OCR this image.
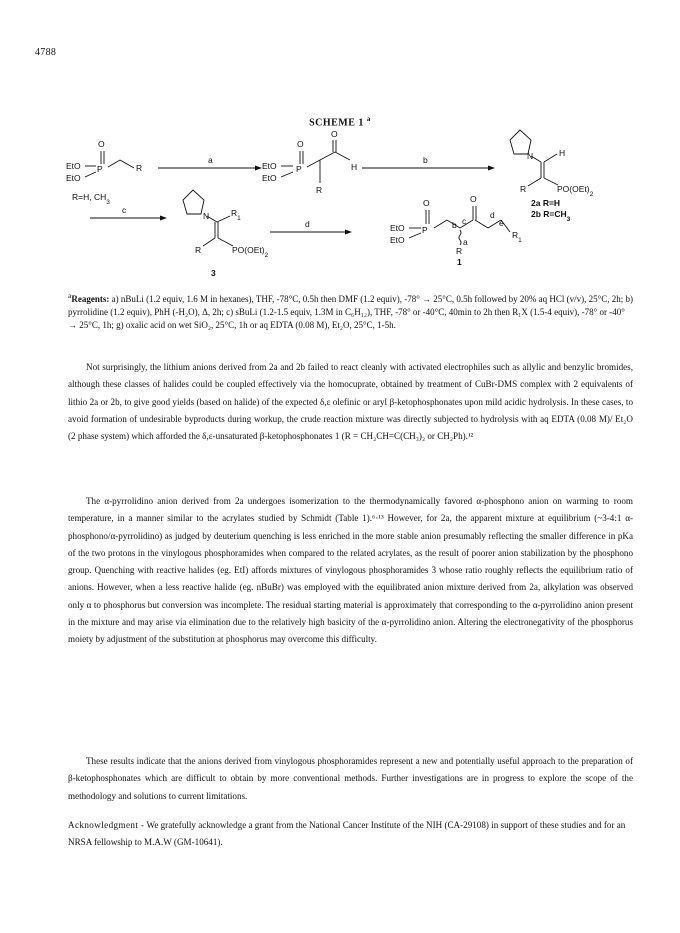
4788
SCHEME 1 $^a$
O
P
EtO
EtO
R
R=H, $CH_3$
a
O
O
P
EtO
EtO
H
R
b	N	H
R	$PO(OEt)_2$
2a R=H
2b $R=CH_3$
c
N	$R_1$
R	$PO(OEt)_2$
3
d
O	O
P
EtO
EtO
b c
d
e
a
$R_1$
R
1
$^a$Reagents: a) nBuLi (1.2 equiv, 1.6 M in hexanes), THF, -78°C, 0.5h then DMF (1.2 equiv), -78° → 25°C, 0.5h followed by 20% aq HCl (v/v), 25°C, 2h; b) pyrrolidine (1.2 equiv), PhH (-H₂O), Δ, 2h; c) sBuLi (1.2-1.5 equiv, 1.3M in C₆H₁₂), THF, -78° or -40°C, 40min to 2h then R₁X (1.5-4 equiv), -78° or -40° → 25°C, 1h; g) oxalic acid on wet SiO₂, 25°C, 1h or aq EDTA (0.08 M), Et₂O, 25°C, 1-5h.

Not surprisingly, the lithium anions derived from 2a and 2b failed to react cleanly with activated electrophiles such as allylic and benzylic bromides, although these classes of halides could be coupled effectively via the homocuprate, obtained by treatment of CuBr-DMS complex with 2 equivalents of lithio 2a or 2b, to give good yields (based on halide) of the expected δ,ε olefinic or aryl β-ketophosphonates upon mild acidic hydrolysis. In these cases, to avoid formation of undesirable byproducts during workup, the crude reaction mixture was directly subjected to hydrolysis with aq EDTA (0.08 M)/ Et₂O (2 phase system) which afforded the δ,ε-unsaturated β-ketophosphonates 1 (R = CH₂CH=C(CH₃)₂ or CH₂Ph).¹²

The α-pyrrolidino anion derived from 2a undergoes isomerization to the thermodynamically favored α-phosphono anion on warming to room temperature, in a manner similar to the acrylates studied by Schmidt (Table 1).⁶·¹³ However, for 2a, the apparent mixture at equilibrium (~3-4:1 α-phosphono/α-pyrrolidino) as judged by deuterium quenching is less enriched in the more stable anion presumably reflecting the smaller difference in pKa of the two protons in the vinylogous phosphoramides when compared to the related acrylates, as the result of poorer anion stabilization by the phosphono group. Quenching with reactive halides (eg. EtI) affords mixtures of vinylogous phosphoramides 3 whose ratio roughly reflects the equilibrium ratio of anions. However, when a less reactive halide (eg. nBuBr) was employed with the equilibrated anion mixture derived from 2a, alkylation was observed only α to phosphorus but conversion was incomplete. The residual starting material is approximately that corresponding to the α-pyrrolidino anion present in the mixture and may arise via elimination due to the relatively high basicity of the α-pyrrolidino anion. Altering the electronegativity of the phosphorus moiety by adjustment of the substitution at phosphorus may overcome this difficulty.

These results indicate that the anions derived from vinylogous phosphoramides represent a new and potentially useful approach to the preparation of β-ketophosphonates which are difficult to obtain by more conventional methods. Further investigations are in progress to explore the scope of the methodology and solutions to current limitations.

Acknowledgment - We gratefully acknowledge a grant from the National Cancer Institute of the NIH (CA-29108) in support of these studies and for an NRSA fellowship to M.A.W (GM-10641).
